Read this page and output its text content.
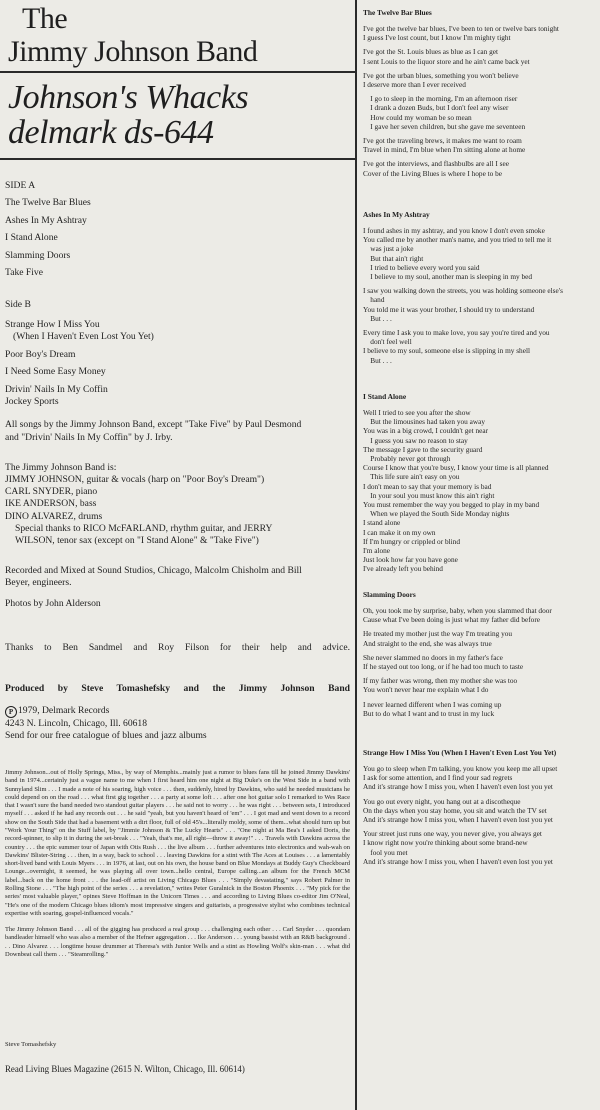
The
Jimmy Johnson Band
Johnson's Whacks
delmark ds-644

SIDE A

The Twelve Bar Blues

Ashes In My Ashtray

I Stand Alone

Slamming Doors

Take Five

Side B

Strange How I Miss You

(When I Haven't Even Lost You Yet)

Poor Boy's Dream

I Need Some Easy Money

Drivin' Nails In My Coffin

Jockey Sports

All songs by the Jimmy Johnson Band, except "Take Five" by Paul Desmond

and "Drivin' Nails In My Coffin" by J. Irby.

The Jimmy Johnson Band is:

JIMMY JOHNSON, guitar & vocals (harp on "Poor Boy's Dream")

CARL SNYDER, piano

IKE ANDERSON, bass

DINO ALVAREZ, drums

Special thanks to RICO McFARLAND, rhythm guitar, and JERRY

WILSON, tenor sax (except on "I Stand Alone" & "Take Five")

Recorded and Mixed at Sound Studios, Chicago, Malcolm Chisholm and Bill

Beyer, engineers.

Photos by John Alderson

Thanks to Ben Sandmel and Roy Filson for their help and advice.

Produced by Steve Tomashefsky and the Jimmy Johnson Band

P 1979, Delmark Records

4243 N. Lincoln, Chicago, Ill. 60618

Send for our free catalogue of blues and jazz albums

Jimmy Johnson...out of Holly Springs, Miss., by way of Memphis...mainly just a rumor to blues fans till he joined Jimmy Dawkins' band in 1974...certainly just a vague name to me when I first heard him one night at Big Duke's on the West Side in a band with Sunnyland Slim . . . I made a note of his soaring, high voice . . . then, suddenly, hired by Dawkins, who said he needed musicians he could depend on on the road . . . what first gig together . . . a party at some loft . . . after one hot guitar solo I remarked to Wes Race that I wasn't sure the band needed two standout guitar players . . . he said not to worry . . . he was right . . . between sets, I introduced myself . . . asked if he had any records out . . . he said "yeah, but you haven't heard of 'em" . . . I got mad and went down to a record show on the South Side that had a basement with a dirt floor, full of old 45's...literally moldy, some of them...what should turn up but "Work Your Thing" on the Stuff label, by "Jimmie Johnson & The Lucky Hearts" . . . "One night at Ma Bea's I asked Doris, the record-spinner, to slip it in during the set-break . . . "Yeah, that's me, all right—throw it away!" . . . Travels with Dawkins across the country . . . the epic summer tour of Japan with Otis Rush . . . the live album . . . further adventures into electronics and wah-wah on Dawkins' Blister-String . . . then, in a way, back to school . . . leaving Dawkins for a stint with The Aces at Louises . . . a lamentably short-lived band with Louis Myers . . . in 1976, at last, out on his own, the house band on Blue Mondays at Buddy Guy's Checkboard Lounge...overnight, it seemed, he was playing all over town...hello central, Europe calling...an album for the French MCM label...back on the home front . . . the lead-off artist on Living Chicago Blues . . . "Simply devastating," says Robert Palmer in Rolling Stone . . . "The high point of the series . . . a revelation," writes Peter Guralnick in the Boston Phoenix . . . "My pick for the series' most valuable player," opines Steve Hoffman in the Unicorn Times . . . and according to Living Blues co-editor Jim O'Neal, "He's one of the modern Chicago blues idiom's most impressive singers and guitarists, a progressive stylist who combines technical expertise with soaring, gospel-influenced vocals."

The Jimmy Johnson Band . . . all of the gigging has produced a real group . . . challenging each other . . . Carl Snyder . . . quondam bandleader himself who was also a member of the Hefner aggregation . . . Ike Anderson . . . young bassist with an R&B background . . . Dino Alvarez . . . longtime house drummer at Theresa's with Junior Wells and a stint as Howling Wolf's skin-man . . . what did Downbeat call them . . . "Steamrolling."

Steve Tomashefsky
Read Living Blues Magazine (2615 N. Wilton, Chicago, Ill. 60614)

The Twelve Bar Blues

I've got the twelve bar blues, I've been to ten or twelve bars tonight

I guess I've lost count, but I know I'm mighty tight

I've got the St. Louis blues as blue as I can get

I sent Louis to the liquor store and he ain't came back yet

I've got the urban blues, something you won't believe

I deserve more than I ever received

I go to sleep in the morning, I'm an afternoon riser

I drank a dozen Buds, but I don't feel any wiser

How could my woman be so mean

I gave her seven children, but she gave me seventeen

I've got the traveling brews, it makes me want to roam

Travel in mind, I'm blue when I'm sitting alone at home

I've got the interviews, and flashbulbs are all I see

Cover of the Living Blues is where I hope to be

Ashes In My Ashtray

I found ashes in my ashtray, and you know I don't even smoke

You called me by another man's name, and you tried to tell me it

was just a joke

But that ain't right

I tried to believe every word you said

I believe to my soul, another man is sleeping in my bed

I saw you walking down the streets, you was holding someone else's

hand

You told me it was your brother, I should try to understand

But . . .

Every time I ask you to make love, you say you're tired and you

don't feel well

I believe to my soul, someone else is slipping in my shell

But . . .

I Stand Alone

Well I tried to see you after the show

But the limousines had taken you away

You was in a big crowd, I couldn't get near

I guess you saw no reason to stay

The message I gave to the security guard

Probably never got through

Course I know that you're busy, I know your time is all planned

This life sure ain't easy on you

I don't mean to say that your memory is bad

In your soul you must know this ain't right

You must remember the way you begged to play in my band

When we played the South Side Monday nights

I stand alone

I can make it on my own

If I'm hungry or crippled or blind

I'm alone

Just look how far you have gone

I've already left you behind

Slamming Doors

Oh, you took me by surprise, baby, when you slammed that door

Cause what I've been doing is just what my father did before

He treated my mother just the way I'm treating you

And straight to the end, she was always true

She never slammed no doors in my father's face

If he stayed out too long, or if he had too much to taste

If my father was wrong, then my mother she was too

You won't never hear me explain what I do

I never learned different when I was coming up

But to do what I want and to trust in my luck

Strange How I Miss You (When I Haven't Even Lost You Yet)

You go to sleep when I'm talking, you know you keep me all upset

I ask for some attention, and I find your sad regrets

And it's strange how I miss you, when I haven't even lost you yet

You go out every night, you hang out at a discotheque

On the days when you stay home, you sit and watch the TV set

And it's strange how I miss you, when I haven't even lost you yet

Your street just runs one way, you never give, you always get

I know right now you're thinking about some brand-new

fool you met

And it's strange how I miss you, when I haven't even lost you yet
